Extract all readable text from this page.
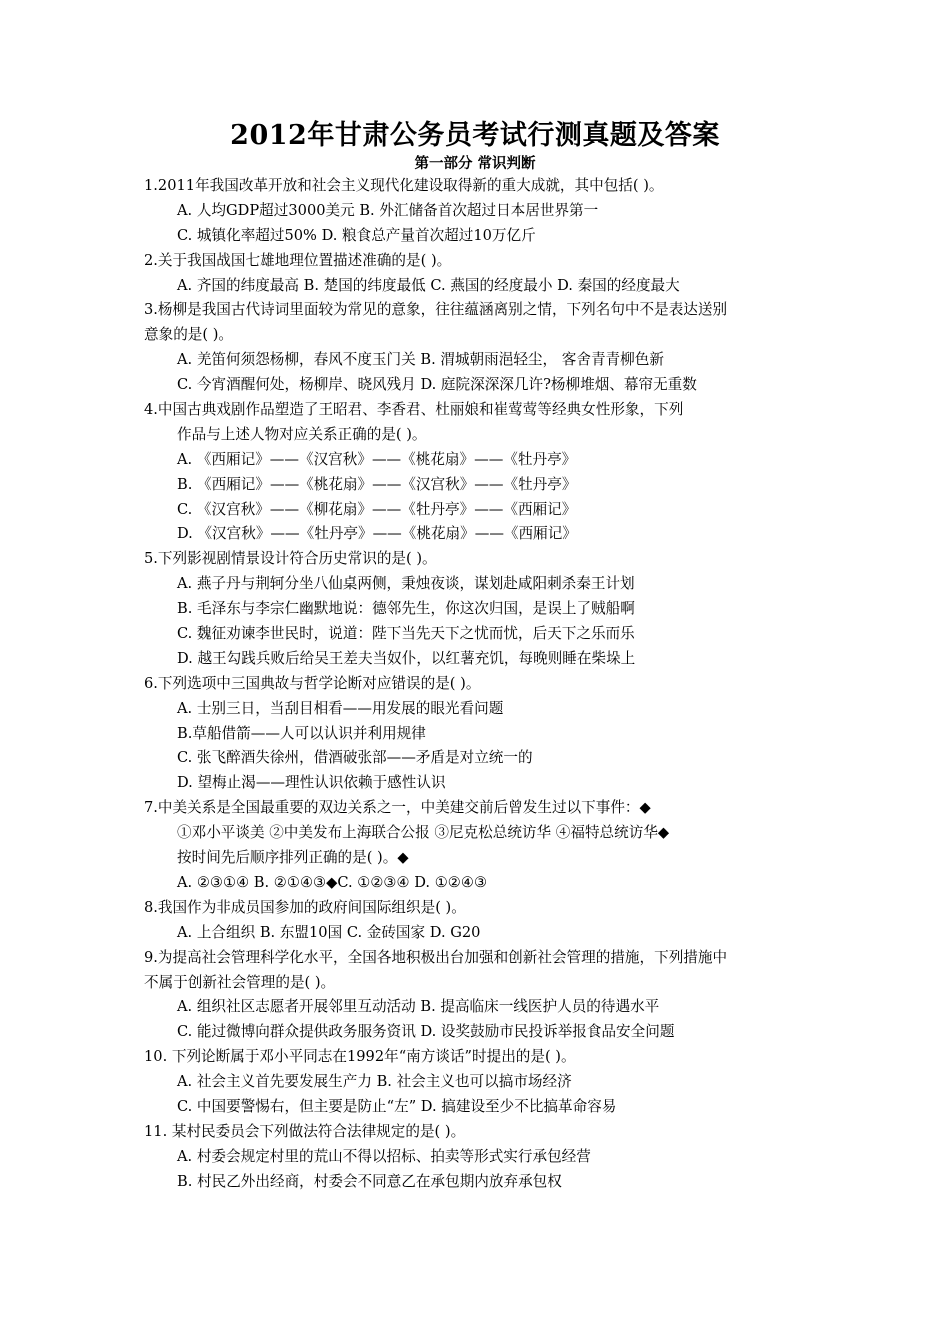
2012年甘肃公务员考试行测真题及答案
第一部分 常识判断
1.2011年我国改革开放和社会主义现代化建设取得新的重大成就，其中包括( )。
A. 人均GDP超过3000美元 B. 外汇储备首次超过日本居世界第一
C. 城镇化率超过50% D. 粮食总产量首次超过10万亿斤
2.关于我国战国七雄地理位置描述准确的是( )。
A. 齐国的纬度最高 B. 楚国的纬度最低 C. 燕国的经度最小 D. 秦国的经度最大
3.杨柳是我国古代诗词里面较为常见的意象，往往蕴涵离别之情，下列名句中不是表达送别
意象的是( )。
A. 羌笛何须怨杨柳，春风不度玉门关 B. 渭城朝雨浥轻尘， 客舍青青柳色新
C. 今宵酒醒何处，杨柳岸、晓风残月 D. 庭院深深深几许?杨柳堆烟、幕帘无重数
4.中国古典戏剧作品塑造了王昭君、李香君、杜丽娘和崔莺莺等经典女性形象，下列
作品与上述人物对应关系正确的是( )。
A. 《西厢记》——《汉宫秋》——《桃花扇》——《牡丹亭》
B. 《西厢记》——《桃花扇》——《汉宫秋》——《牡丹亭》
C. 《汉宫秋》——《柳花扇》——《牡丹亭》——《西厢记》
D. 《汉宫秋》——《牡丹亭》——《桃花扇》——《西厢记》
5.下列影视剧情景设计符合历史常识的是( )。
A. 燕子丹与荆轲分坐八仙桌两侧，秉烛夜谈，谋划赴咸阳刺杀秦王计划
B. 毛泽东与李宗仁幽默地说：德邻先生，你这次归国，是误上了贼船啊
C. 魏征劝谏李世民时，说道：陛下当先天下之忧而忧，后天下之乐而乐
D. 越王勾践兵败后给吴王差夫当奴仆，以红薯充饥，每晚则睡在柴垛上
6.下列选项中三国典故与哲学论断对应错误的是( )。
A. 士别三日，当刮目相看——用发展的眼光看问题
B.草船借箭——人可以认识并利用规律
C. 张飞醉酒失徐州，借酒破张部——矛盾是对立统一的
D. 望梅止渴——理性认识依赖于感性认识
7.中美关系是全国最重要的双边关系之一，中美建交前后曾发生过以下事件：◆
①邓小平谈美 ②中美发布上海联合公报 ③尼克松总统访华 ④福特总统访华◆
按时间先后顺序排列正确的是( )。◆
A. ②③①④ B. ②①④③◆C. ①②③④ D. ①②④③
8.我国作为非成员国参加的政府间国际组织是( )。
A. 上合组织 B. 东盟10国 C. 金砖国家 D. G20
9.为提高社会管理科学化水平，全国各地积极出台加强和创新社会管理的措施，下列措施中
不属于创新社会管理的是( )。
A. 组织社区志愿者开展邻里互动活动 B. 提高临床一线医护人员的待遇水平
C. 能过微博向群众提供政务服务资讯 D. 设奖鼓励市民投诉举报食品安全问题
10. 下列论断属于邓小平同志在1992年“南方谈话”时提出的是( )。
A. 社会主义首先要发展生产力 B. 社会主义也可以搞市场经济
C. 中国要警惕右，但主要是防止“左” D. 搞建设至少不比搞革命容易
11. 某村民委员会下列做法符合法律规定的是( )。
A. 村委会规定村里的荒山不得以招标、拍卖等形式实行承包经营
B. 村民乙外出经商，村委会不同意乙在承包期内放弃承包权
